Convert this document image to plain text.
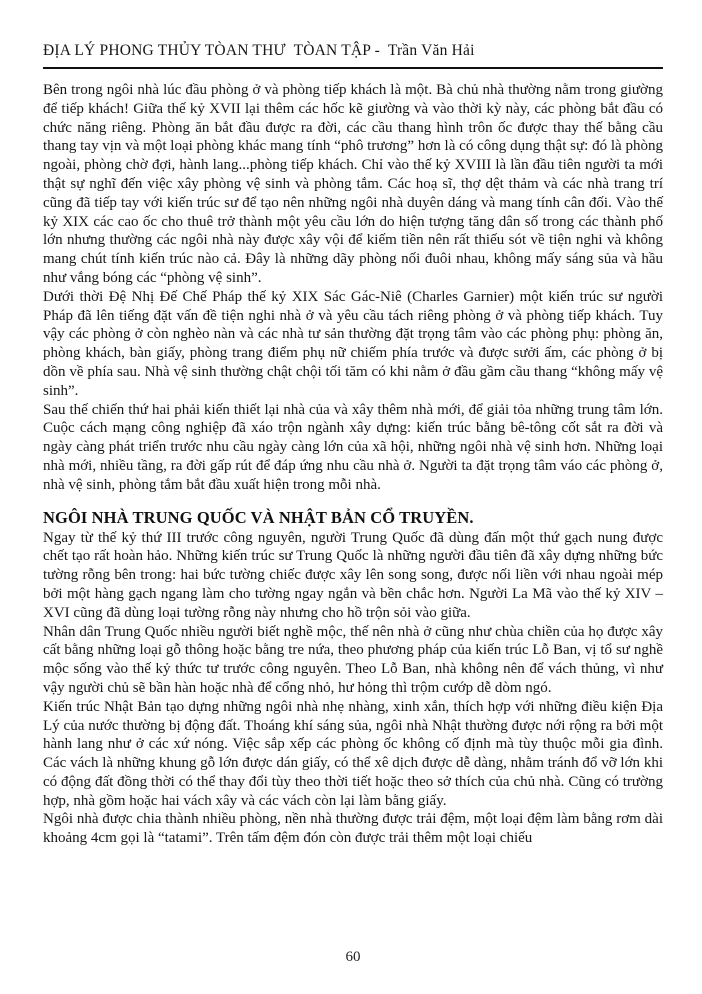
ĐỊA LÝ PHONG THỦY TÒAN THƯ  TÒAN TẬP -  Trần Văn Hải

Bên trong ngôi nhà lúc đầu phòng ở và phòng tiếp khách là một. Bà chủ nhà thường nằm trong giường để tiếp khách! Giữa thế kỷ XVII lại thêm các hốc kẽ giường và vào thời kỳ này, các phòng bắt đầu có chức năng riêng. Phòng ăn bắt đầu được ra đời, các cầu thang hình trôn ốc được thay thế bằng cầu thang tay vịn và một loại phòng khác mang tính “phô trương” hơn là có công dụng thật sự: đó là phòng ngoài, phòng chờ đợi, hành lang...phòng tiếp khách. Chỉ vào thế kỷ XVIII là lần đầu tiên người ta mới thật sự nghĩ đến việc xây phòng vệ sinh và phòng tắm. Các hoạ sĩ, thợ dệt thảm và các nhà trang trí cũng đã tiếp tay với kiến trúc sư để tạo nên những ngôi nhà duyên dáng và mang tính cân đối. Vào thế kỷ XIX các cao ốc cho thuê trở thành một yêu cầu lớn do hiện tượng tăng dân số trong các thành phố lớn nhưng thường các ngôi nhà này được xây vội để kiếm tiền nên rất thiếu sót về tiện nghi và không mang chút tính kiến trúc nào cả. Đây là những dãy phòng nối đuôi nhau, không mấy sáng sủa và hầu như vắng bóng các “phòng vệ sinh”.

Dưới thời Đệ Nhị Đế Chế Pháp thế kỷ XIX Sác Gác-Niê (Charles Garnier) một kiến trúc sư người Pháp đã lên tiếng đặt vấn đề tiện nghi nhà ở và yêu cầu tách riêng phòng ở và phòng tiếp khách. Tuy vậy các phòng ở còn nghèo nàn và các nhà tư sản thường đặt trọng tâm vào các phòng phụ: phòng ăn, phòng khách, bàn giấy, phòng trang điểm phụ nữ chiếm phía trước và được sưởi ấm, các phòng ở bị dồn về phía sau. Nhà vệ sinh thường chật chội tối tăm có khi nằm ở đầu gầm cầu thang “không mấy vệ sinh”.

Sau thế chiến thứ hai phải kiến thiết lại nhà của và xây thêm nhà mới, để giải tỏa những trung tâm lớn. Cuộc cách mạng công nghiệp đã xáo trộn ngành xây dựng: kiến trúc bằng bê-tông cốt sắt ra đời và ngày càng phát triển trước nhu cầu ngày càng lớn của xã hội, những ngôi nhà vệ sinh hơn. Những loại nhà mới, nhiều tầng, ra đời gấp rút để đáp ứng nhu cầu nhà ở. Người ta đặt trọng tâm váo các phòng ở, nhà vệ sinh, phòng tắm bắt đầu xuất hiện trong mỗi nhà.

NGÔI NHÀ TRUNG QUỐC VÀ NHẬT BẢN CỔ TRUYỀN.

Ngay từ thế kỷ thứ III trước công nguyên, người Trung Quốc đã dùng đấn một thứ gạch nung được chết tạo rất hoàn hảo. Những kiến trúc sư Trung Quốc là những người đầu tiên đã xây dựng những bức tường rỗng bên trong: hai bức tường chiếc được xây lên song song, được nối liền với nhau ngoài mép bởi một hàng gạch ngang làm cho tường ngay ngắn và bền chắc hơn. Người La Mã vào thế kỷ XIV – XVI cũng đã dùng loại tường rỗng này nhưng cho hồ trộn sỏi vào giữa.

Nhân dân Trung Quốc nhiều người biết nghề mộc, thế nên nhà ở cũng như chùa chiền của họ được xây cất bằng những loại gỗ thông hoặc bằng tre nứa, theo phương pháp của kiến trúc Lỗ Ban, vị tổ sư nghề mộc sống vào thế kỷ thức tư trước công nguyên. Theo Lỗ Ban, nhà không nên để vách thủng, vì như vậy người chủ sẽ bần hàn hoặc nhà để cổng nhỏ, hư hỏng thì trộm cướp dễ dòm ngó.

Kiến trúc Nhật Bản tạo dựng những ngôi nhà nhẹ nhàng, xinh xắn, thích hợp với những điều kiện Địa Lý của nước thường bị động đất. Thoáng khí sáng sủa, ngôi nhà Nhật thường được nới rộng ra bởi một hành lang như ở các xứ nóng. Việc sắp xếp các phòng ốc không cố định mà tùy thuộc mỗi gia đình. Các vách là những khung gỗ lớn được dán giấy, có thể xê dịch được dễ dàng, nhằm tránh đổ vỡ lớn khi có động đất đồng thời có thể thay đổi tùy theo thời tiết hoặc theo sở thích của chủ nhà. Cũng có trường hợp, nhà gồm hoặc hai vách xây và các vách còn lại làm bằng giấy.

Ngôi nhà được chia thành nhiều phòng, nền nhà thường được trải đệm, một loại đệm làm bằng rơm dài khoảng 4cm gọi là “tatami”. Trên tấm đệm đón còn được trải thêm một loại chiếu

60
